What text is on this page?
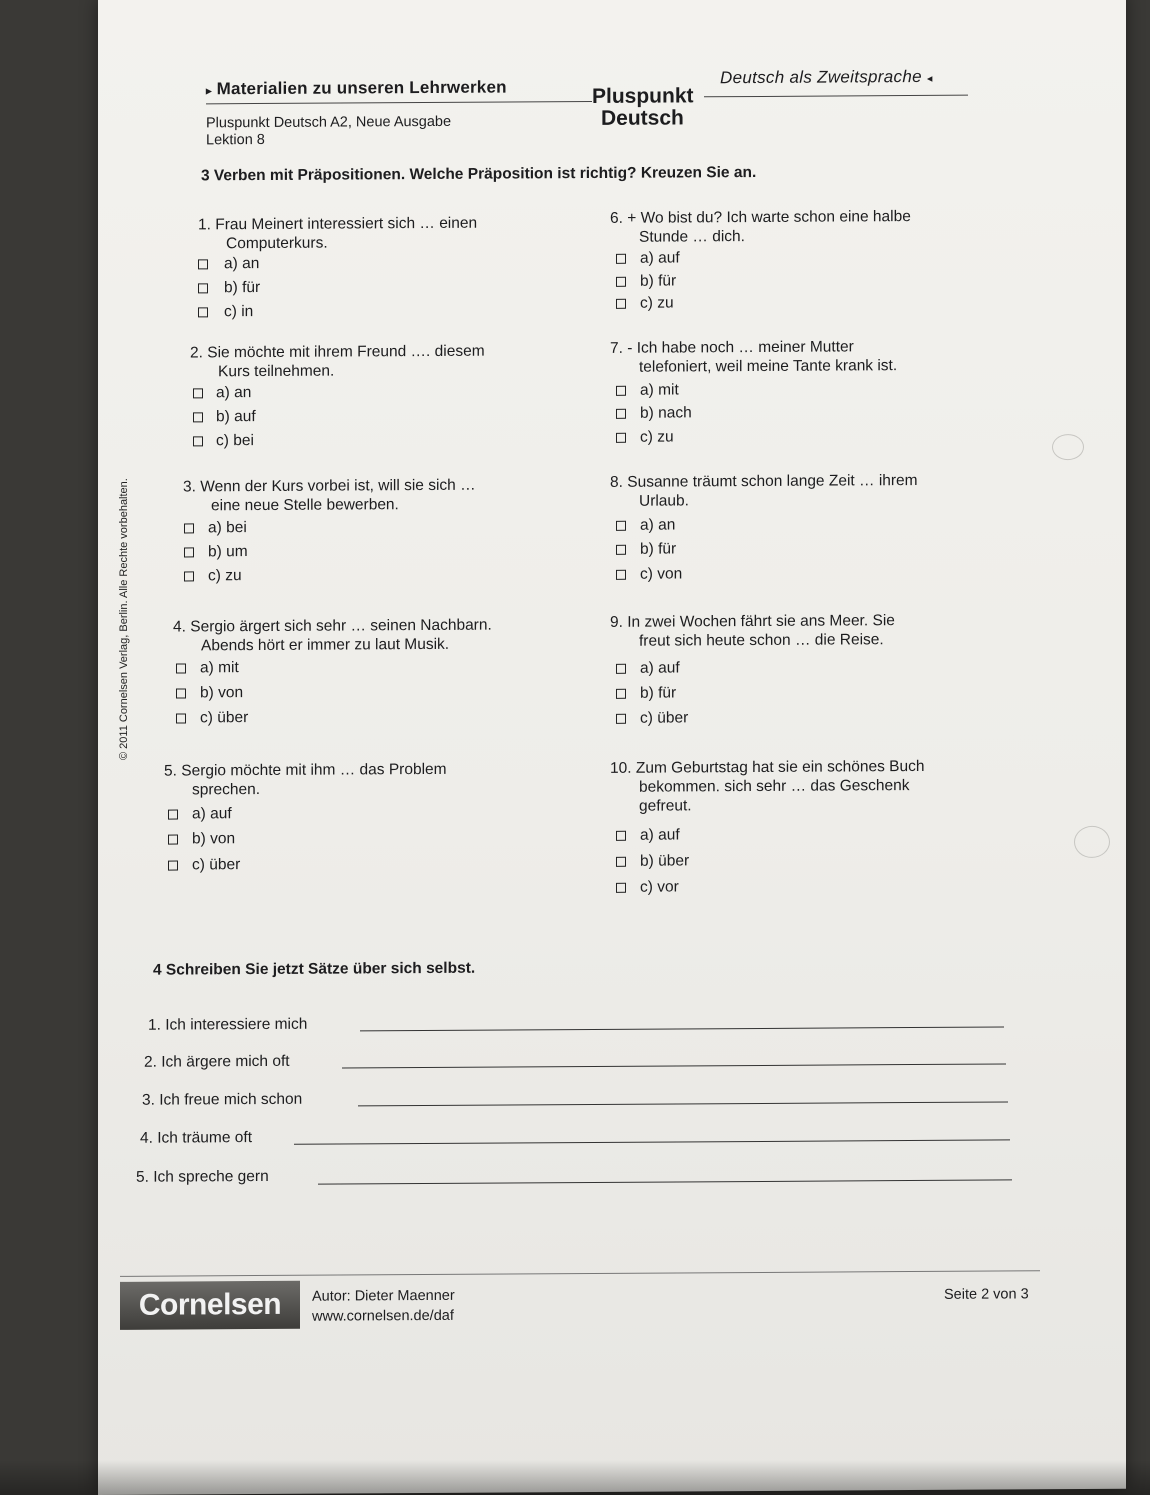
▸ Materialien zu unseren Lehrwerken	Pluspunkt
Deutsch
Deutsch als Zweitsprache ◂
Pluspunkt Deutsch A2, Neue Ausgabe
Lektion 8
3 Verben mit Präpositionen. Welche Präposition ist richtig? Kreuzen Sie an.
1. Frau Meinert interessiert sich … einen
Computerkurs.
a) an
b) für
c) in
2. Sie möchte mit ihrem Freund …. diesem
Kurs teilnehmen.
a) an
b) auf
c) bei
3. Wenn der Kurs vorbei ist, will sie sich …
eine neue Stelle bewerben.
a) bei
b) um
c) zu
4. Sergio ärgert sich sehr … seinen Nachbarn.
Abends hört er immer zu laut Musik.
a) mit
b) von
c) über
5. Sergio möchte mit ihm … das Problem
sprechen.
a) auf
b) von
c) über
6. + Wo bist du? Ich warte schon eine halbe
Stunde … dich.
a) auf
b) für
c) zu
7. - Ich habe noch … meiner Mutter
telefoniert, weil meine Tante krank ist.
a) mit
b) nach
c) zu
8. Susanne träumt schon lange Zeit … ihrem
Urlaub.
a) an
b) für
c) von
9. In zwei Wochen fährt sie ans Meer. Sie
freut sich heute schon … die Reise.
a) auf
b) für
c) über
10. Zum Geburtstag hat sie ein schönes Buch
bekommen. sich sehr … das Geschenk
gefreut.
a) auf
b) über
c) vor
4 Schreiben Sie jetzt Sätze über sich selbst.
1. Ich interessiere mich
2. Ich ärgere mich oft
3. Ich freue mich schon
4. Ich träume oft
5. Ich spreche gern
Cornelsen	Autor: Dieter Maenner
www.cornelsen.de/daf
Seite 2 von 3
© 2011 Cornelsen Verlag, Berlin. Alle Rechte vorbehalten.
